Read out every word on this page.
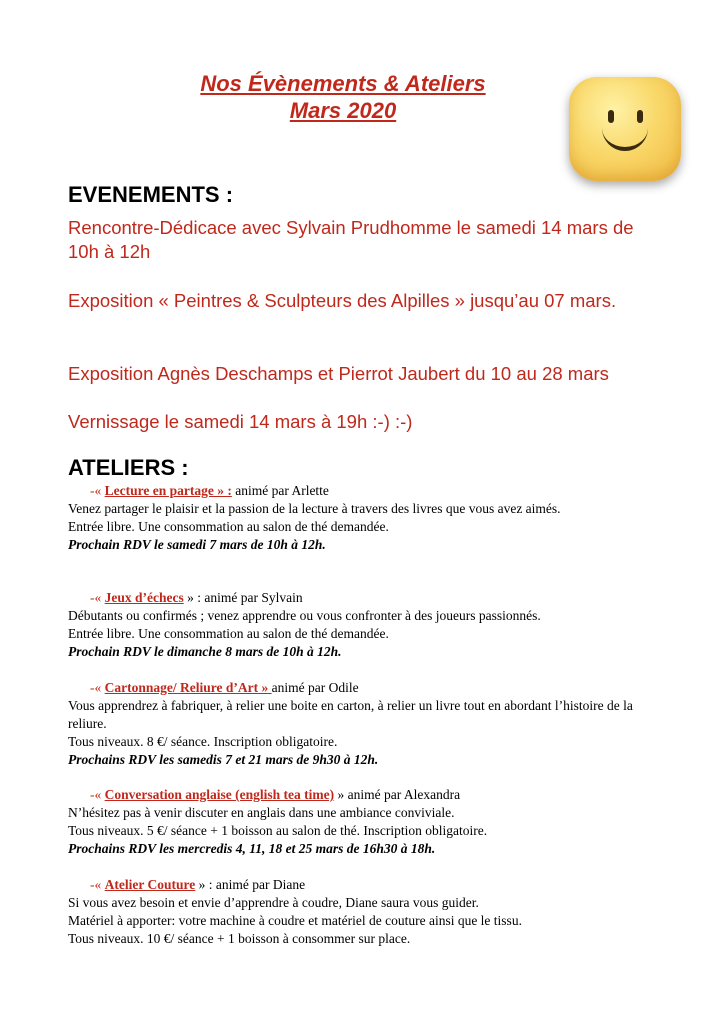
Nos Évènements & Ateliers
Mars 2020
EVENEMENTS :
Rencontre-Dédicace avec Sylvain Prudhomme le samedi 14 mars de 10h à 12h
Exposition « Peintres & Sculpteurs des Alpilles » jusqu’au 07 mars.
Exposition Agnès Deschamps et Pierrot Jaubert du 10 au 28 mars
Vernissage le samedi 14 mars à 19h :-) :-)
ATELIERS :
-« Lecture en partage » : animé par Arlette
Venez partager le plaisir et la passion de la lecture à travers des livres que vous avez aimés.
Entrée libre. Une consommation au salon de thé demandée.
Prochain RDV le samedi 7 mars de 10h à 12h.
-« Jeux d’échecs » : animé par Sylvain
Débutants ou confirmés ; venez apprendre ou vous confronter à des joueurs passionnés.
Entrée libre. Une consommation au salon de thé demandée.
Prochain RDV le dimanche 8 mars de 10h à 12h.
-« Cartonnage/ Reliure d’Art » animé par Odile
Vous apprendrez à fabriquer, à relier une boite en carton, à relier un livre tout en abordant l’histoire de la reliure.
Tous niveaux. 8 €/ séance. Inscription obligatoire.
Prochains RDV les samedis 7 et 21 mars de 9h30 à 12h.
-« Conversation anglaise (english tea time) » animé par Alexandra
N’hésitez pas à venir discuter en anglais dans une ambiance conviviale.
Tous niveaux. 5 €/ séance + 1 boisson au salon de thé. Inscription obligatoire.
Prochains RDV les mercredis 4, 11, 18 et 25 mars de 16h30 à 18h.
-« Atelier Couture » : animé par Diane
Si vous avez besoin et envie d’apprendre à coudre, Diane saura vous guider.
Matériel à apporter: votre machine à coudre et matériel de couture ainsi que le tissu.
Tous niveaux. 10 €/ séance + 1 boisson à consommer sur place.
